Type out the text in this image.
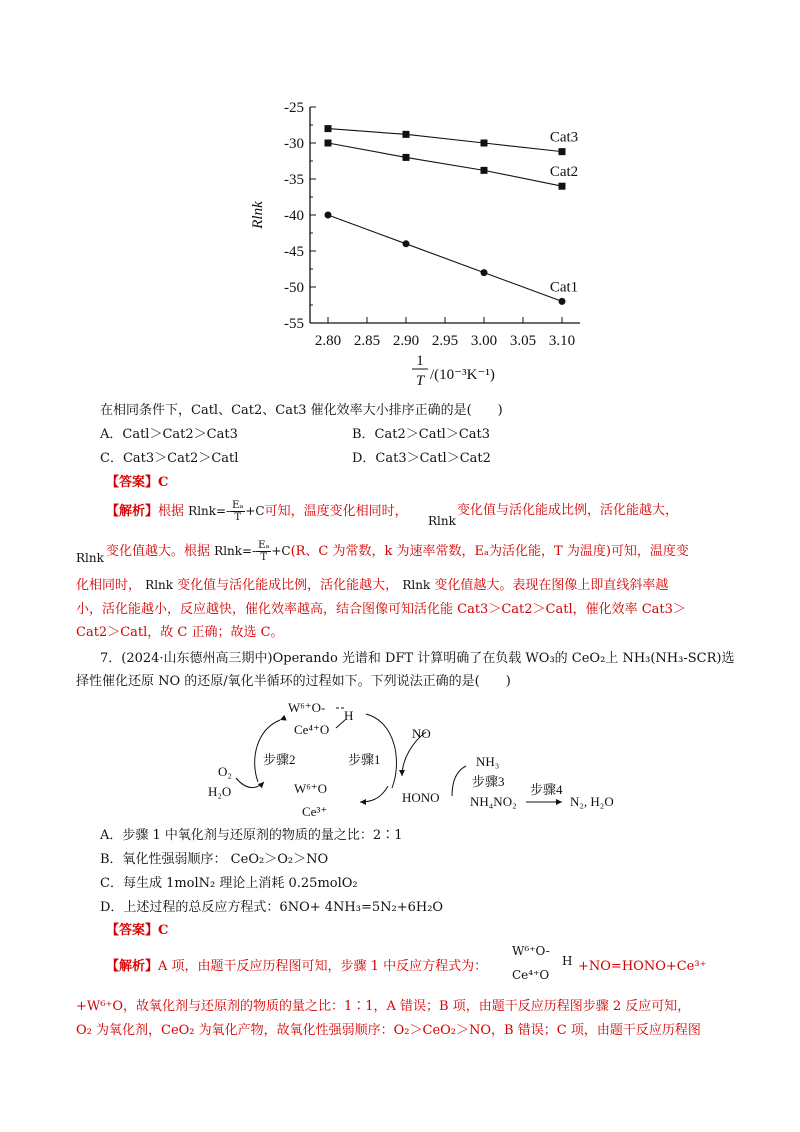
-25
-30
-35
-40
-45
-50
-55
2.80 2.85 2.90 2.95 3.00 3.05 3.10
Cat3
Cat2
Cat1
Rlnk
1
T /(10⁻³K⁻¹)
在相同条件下，Catl、Cat2、Cat3 催化效率大小排序正确的是(　　)
A．Catl＞Cat2＞Cat3	B．Cat2＞Catl＞Cat3
C．Cat3＞Cat2＞Catl	D．Cat3＞Catl＞Cat2
【答案】C
【解析】根据 $Rlnk=- \frac{\text{Eₐ}}{T} +C$可知，温度变化相同时，
Rlnk
变化值与活化能成比例，活化能越大，
Rlnk 变化值越大。根据 $Rlnk=- \frac{\text{Eₐ}}{T} +C(R$、C 为常数，k 为速率常数，Eₐ为活化能，T 为温度)可知，温度变
化相同时， Rlnk 变化值与活化能成比例，活化能越大， Rlnk 变化值越大。表现在图像上即直线斜率越
小，活化能越小，反应越快，催化效率越高，结合图像可知活化能 Cat3＞Cat2＞Catl，催化效率 Cat3＞
Cat2＞Catl，故 C 正确；故选 C。
7．(2024·山东德州高三期中)Operando 光谱和 DFT 计算明确了在负载 WO₃的 CeO₂上 NH₃(NH₃-SCR)选
择性催化还原 NO 的还原/氧化半循环的过程如下。下列说法正确的是(　　)
W⁶⁺O-
H
Ce⁴⁺O
步骤2	步骤1
NO
O₂
H₂O	W⁶⁺O
Ce³⁺
HONO
NH₃
步骤3
NH₄NO₂
步骤4
N₂, H₂O
A．步骤 1 中氧化剂与还原剂的物质的量之比：2∶1
B．氧化性强弱顺序： CeO₂＞O₂＞NO
C．每生成 1molN₂ 理论上消耗 0.25molO₂
D．上述过程的总反应方程式：6NO+ 4NH₃=5N₂+6H₂O
【答案】C
【解析】A 项，由题干反应历程图可知，步骤 1 中反应方程式为：
W⁶⁺O-
H
Ce⁴⁺O
+NO=HONO+Ce³⁺
+W⁶⁺O，故氧化剂与还原剂的物质的量之比：1∶1，A 错误；B 项，由题干反应历程图步骤 2 反应可知，
O₂ 为氧化剂，CeO₂ 为氧化产物，故氧化性强弱顺序：O₂＞CeO₂＞NO，B 错误；C 项，由题干反应历程图
